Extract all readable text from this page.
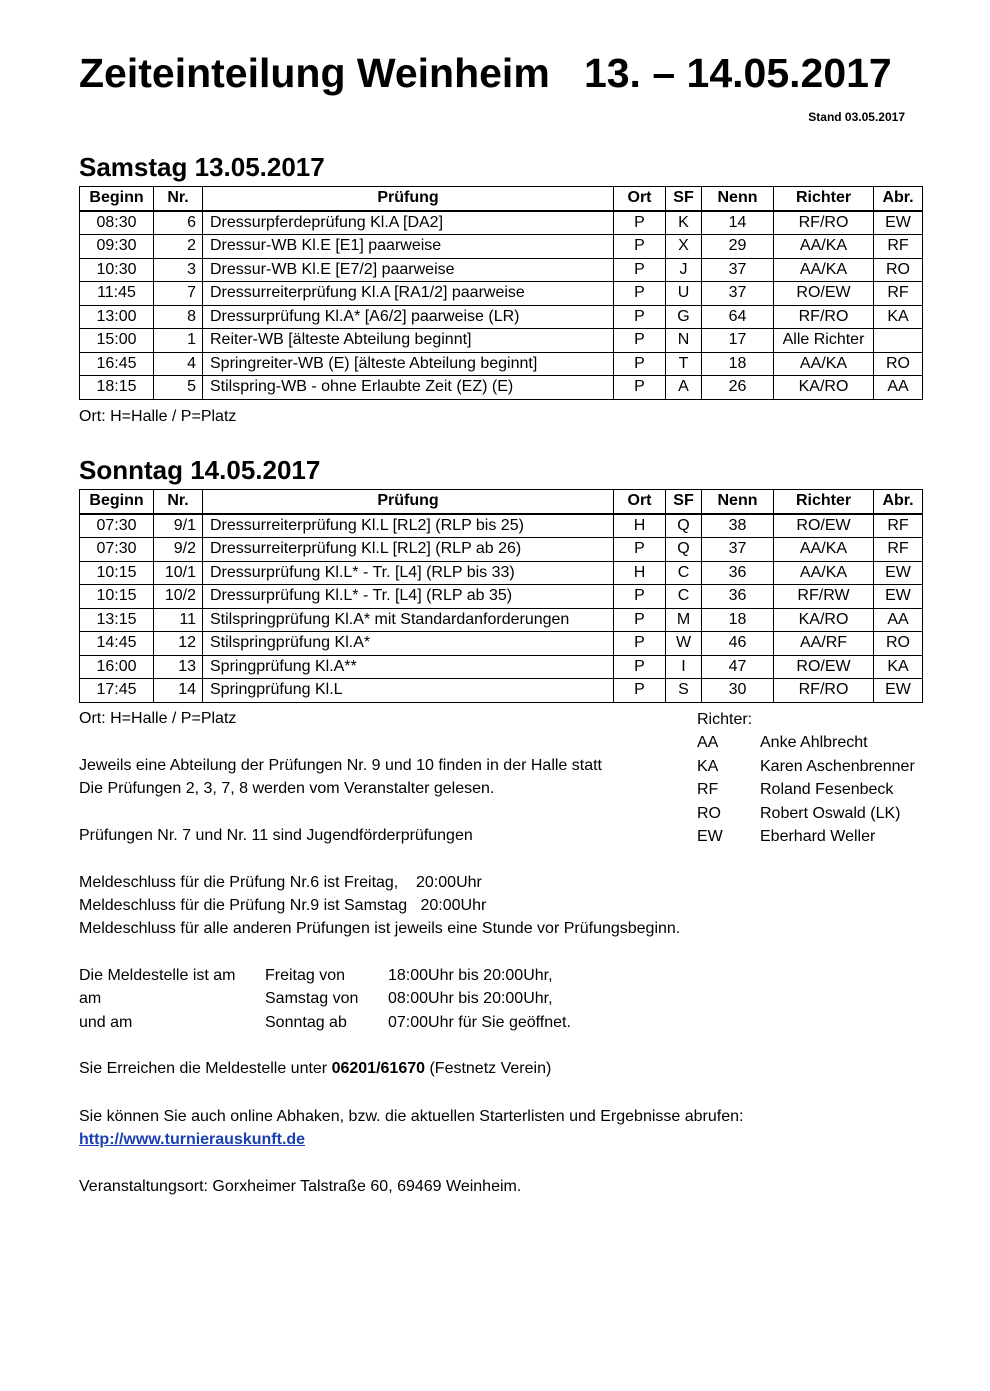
Zeiteinteilung Weinheim   13. – 14.05.2017
Stand 03.05.2017
Samstag 13.05.2017
Beginn	Nr.	Prüfung	Ort	SF	Nenn	Richter	Abr.
08:30	6	Dressurpferdeprüfung Kl.A [DA2]	P	K	14	RF/RO	EW
09:30	2	Dressur-WB Kl.E [E1] paarweise	P	X	29	AA/KA	RF
10:30	3	Dressur-WB Kl.E [E7/2] paarweise	P	J	37	AA/KA	RO
11:45	7	Dressurreiterprüfung Kl.A [RA1/2] paarweise	P	U	37	RO/EW	RF
13:00	8	Dressurprüfung Kl.A* [A6/2] paarweise (LR)	P	G	64	RF/RO	KA
15:00	1	Reiter-WB [älteste Abteilung beginnt]	P	N	17	Alle Richter	
16:45	4	Springreiter-WB (E) [älteste Abteilung beginnt]	P	T	18	AA/KA	RO
18:15	5	Stilspring-WB - ohne Erlaubte Zeit (EZ) (E)	P	A	26	KA/RO	AA
Ort: H=Halle / P=Platz
Sonntag 14.05.2017
Beginn	Nr.	Prüfung	Ort	SF	Nenn	Richter	Abr.
07:30	9/1	Dressurreiterprüfung Kl.L [RL2] (RLP bis 25)	H	Q	38	RO/EW	RF
07:30	9/2	Dressurreiterprüfung Kl.L [RL2] (RLP ab 26)	P	Q	37	AA/KA	RF
10:15	10/1	Dressurprüfung Kl.L* - Tr. [L4] (RLP bis 33)	H	C	36	AA/KA	EW
10:15	10/2	Dressurprüfung Kl.L* - Tr. [L4] (RLP ab 35)	P	C	36	RF/RW	EW
13:15	11	Stilspringprüfung Kl.A* mit Standardanforderungen	P	M	18	KA/RO	AA
14:45	12	Stilspringprüfung Kl.A*	P	W	46	AA/RF	RO
16:00	13	Springprüfung Kl.A**	P	I	47	RO/EW	KA
17:45	14	Springprüfung Kl.L	P	S	30	RF/RO	EW
Ort: H=Halle / P=Platz	Richter:
AA	Anke Ahlbrecht
KA	Karen Aschenbrenner
RF	Roland Fesenbeck
RO	Robert Oswald (LK)
EW	Eberhard Weller
Jeweils eine Abteilung der Prüfungen Nr. 9 und 10 finden in der Halle statt
Die Prüfungen 2, 3, 7, 8 werden vom Veranstalter gelesen.
Prüfungen Nr. 7 und Nr. 11 sind Jugendförderprüfungen
Meldeschluss für die Prüfung Nr.6 ist Freitag,    20:00Uhr
Meldeschluss für die Prüfung Nr.9 ist Samstag   20:00Uhr
Meldeschluss für alle anderen Prüfungen ist jeweils eine Stunde vor Prüfungsbeginn.
Die Meldestelle ist am	Freitag von	18:00Uhr bis 20:00Uhr,
am	Samstag von	08:00Uhr bis 20:00Uhr,
und am	Sonntag ab	07:00Uhr für Sie geöffnet.
Sie Erreichen die Meldestelle unter 06201/61670 (Festnetz Verein)
Sie können Sie auch online Abhaken, bzw. die aktuellen Starterlisten und Ergebnisse abrufen:
http://www.turnierauskunft.de
Veranstaltungsort: Gorxheimer Talstraße 60, 69469 Weinheim.
